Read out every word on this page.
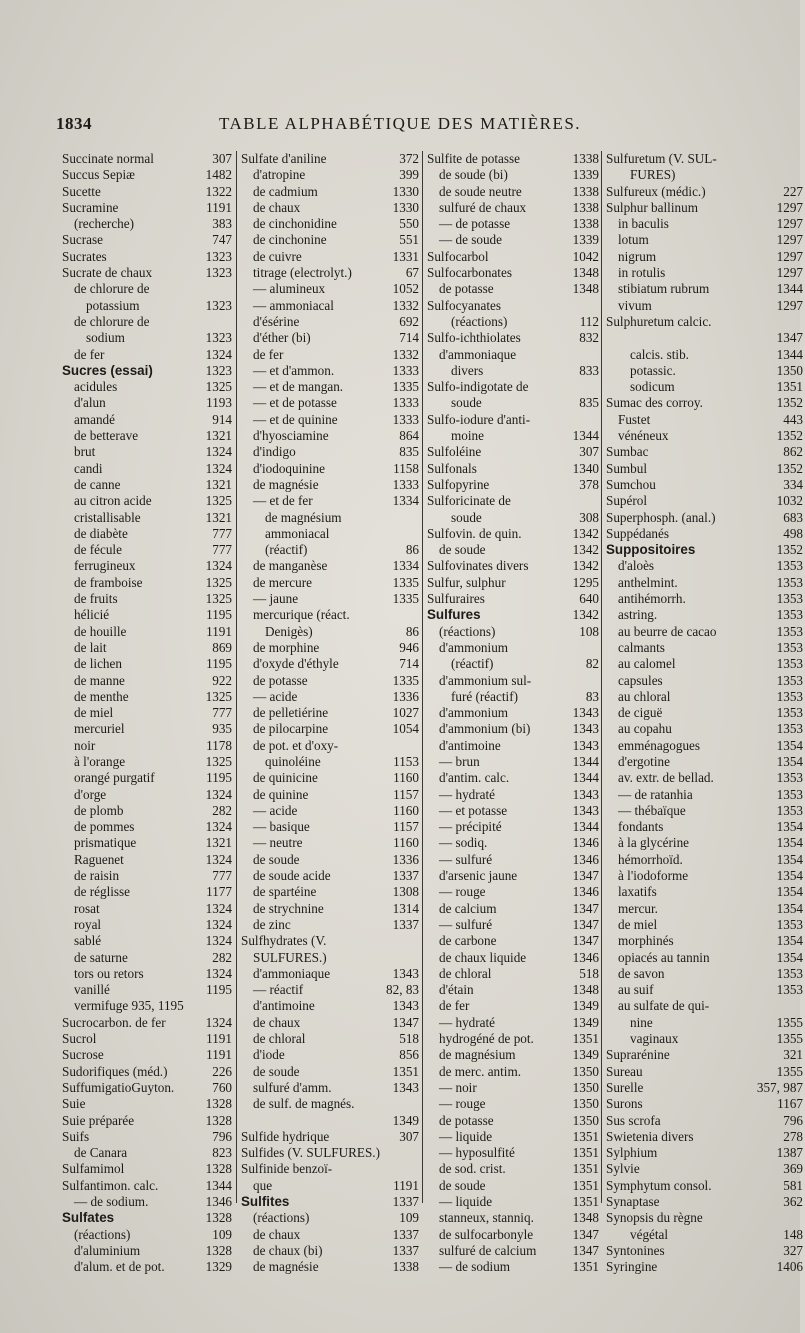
1834	TABLE ALPHABÉTIQUE DES MATIÈRES.
Succinate normal	307
Succus Sepiæ	1482
Sucette	1322
Sucramine	1191
(recherche)	383
Sucrase	747
Sucrates	1323
Sucrate de chaux	1323
de chlorure de
potassium	1323
de chlorure de
sodium	1323
de fer	1324
Sucres (essai)	1323
acidules	1325
d'alun	1193
amandé	914
de betterave	1321
brut	1324
candi	1324
de canne	1321
au citron acide	1325
cristallisable	1321
de diabète	777
de fécule	777
ferrugineux	1324
de framboise	1325
de fruits	1325
hélicié	1195
de houille	1191
de lait	869
de lichen	1195
de manne	922
de menthe	1325
de miel	777
mercuriel	935
noir	1178
à l'orange	1325
orangé purgatif	1195
d'orge	1324
de plomb	282
de pommes	1324
prismatique	1321
Raguenet	1324
de raisin	777
de réglisse	1177
rosat	1324
royal	1324
sablé	1324
de saturne	282
tors ou retors	1324
vanillé	1195
vermifuge 935, 1195
Sucrocarbon. de fer	1324
Sucrol	1191
Sucrose	1191
Sudorifiques (méd.)	226
SuffumigatioGuyton.	760
Suie	1328
Suie préparée	1328
Suifs	796
de Canara	823
Sulfamimol	1328
Sulfantimon. calc.	1344
— de sodium.	1346
Sulfates	1328
(réactions)	109
d'aluminium	1328
d'alum. et de pot.	1329
Sulfate d'aniline	372
d'atropine	399
de cadmium	1330
de chaux	1330
de cinchonidine	550
de cinchonine	551
de cuivre	1331
titrage (electrolyt.)	67
— alumineux	1052
— ammoniacal	1332
d'ésérine	692
d'éther (bi)	714
de fer	1332
— et d'ammon.	1333
— et de mangan.	1335
— et de potasse	1333
— et de quinine	1333
d'hyosciamine	864
d'indigo	835
d'iodoquinine	1158
de magnésie	1333
— et de fer	1334
de magnésium
ammoniacal
(réactif)	86
de manganèse	1334
de mercure	1335
— jaune	1335
mercurique (réact.
Denigès)	86
de morphine	946
d'oxyde d'éthyle	714
de potasse	1335
— acide	1336
de pelletiérine	1027
de pilocarpine	1054
de pot. et d'oxy-
quinoléine	1153
de quinicine	1160
de quinine	1157
— acide	1160
— basique	1157
— neutre	1160
de soude	1336
de soude acide	1337
de spartéine	1308
de strychnine	1314
de zinc	1337
Sulfhydrates (V.
SULFURES.)
d'ammoniaque	1343
— réactif	82, 83
d'antimoine	1343
de chaux	1347
de chloral	518
d'iode	856
de soude	1351
sulfuré d'amm.	1343
de sulf. de magnés.
1349
Sulfide hydrique	307
Sulfides (V. SULFURES.)
Sulfinide benzoï-
que	1191
Sulfites	1337
(réactions)	109
de chaux	1337
de chaux (bi)	1337
de magnésie	1338
Sulfite de potasse	1338
de soude (bi)	1339
de soude neutre	1338
sulfuré de chaux	1338
— de potasse	1338
— de soude	1339
Sulfocarbol	1042
Sulfocarbonates	1348
de potasse	1348
Sulfocyanates
(réactions)	112
Sulfo-ichthiolates	832
d'ammoniaque
divers	833
Sulfo-indigotate de
soude	835
Sulfo-iodure d'anti-
moine	1344
Sulfoléine	307
Sulfonals	1340
Sulfopyrine	378
Sulforicinate de
soude	308
Sulfovin. de quin.	1342
de soude	1342
Sulfovinates divers	1342
Sulfur, sulphur	1295
Sulfuraires	640
Sulfures	1342
(réactions)	108
d'ammonium
(réactif)	82
d'ammonium sul-
furé (réactif)	83
d'ammonium	1343
d'ammonium (bi)	1343
d'antimoine	1343
— brun	1344
d'antim. calc.	1344
— hydraté	1343
— et potasse	1343
— précipité	1344
— sodiq.	1346
— sulfuré	1346
d'arsenic jaune	1347
— rouge	1346
de calcium	1347
— sulfuré	1347
de carbone	1347
de chaux liquide	1346
de chloral	518
d'étain	1348
de fer	1349
— hydraté	1349
hydrogéné de pot.	1351
de magnésium	1349
de merc. antim.	1350
— noir	1350
— rouge	1350
de potasse	1350
— liquide	1351
— hyposulfité	1351
de sod. crist.	1351
de soude	1351
— liquide	1351
stanneux, stanniq.	1348
de sulfocarbonyle	1347
sulfuré de calcium	1347
— de sodium	1351
Sulfuretum (V. SUL-
FURES)
Sulfureux (médic.)	227
Sulphur ballinum	1297
in baculis	1297
lotum	1297
nigrum	1297
in rotulis	1297
stibiatum rubrum	1344
vivum	1297
Sulphuretum calcic.
1347
calcis. stib.	1344
potassic.	1350
sodicum	1351
Sumac des corroy.	1352
Fustet	443
vénéneux	1352
Sumbac	862
Sumbul	1352
Sumchou	334
Supérol	1032
Superphosph. (anal.)	683
Suppédanés	498
Suppositoires	1352
d'aloès	1353
anthelmint.	1353
antihémorrh.	1353
astring.	1353
au beurre de cacao	1353
calmants	1353
au calomel	1353
capsules	1353
au chloral	1353
de ciguë	1353
au copahu	1353
emménagogues	1354
d'ergotine	1354
av. extr. de bellad.	1353
— de ratanhia	1353
— thébaïque	1353
fondants	1354
à la glycérine	1354
hémorrhoïd.	1354
à l'iodoforme	1354
laxatifs	1354
mercur.	1354
de miel	1353
morphinés	1354
opiacés au tannin	1354
de savon	1353
au suif	1353
au sulfate de qui-
nine	1355
vaginaux	1355
Suprarénine	321
Sureau	1355
Surelle	357, 987
Surons	1167
Sus scrofa	796
Swietenia divers	278
Sylphium	1387
Sylvie	369
Symphytum consol.	581
Synaptase	362
Synopsis du règne
végétal	148
Syntonines	327
Syringine	1406
